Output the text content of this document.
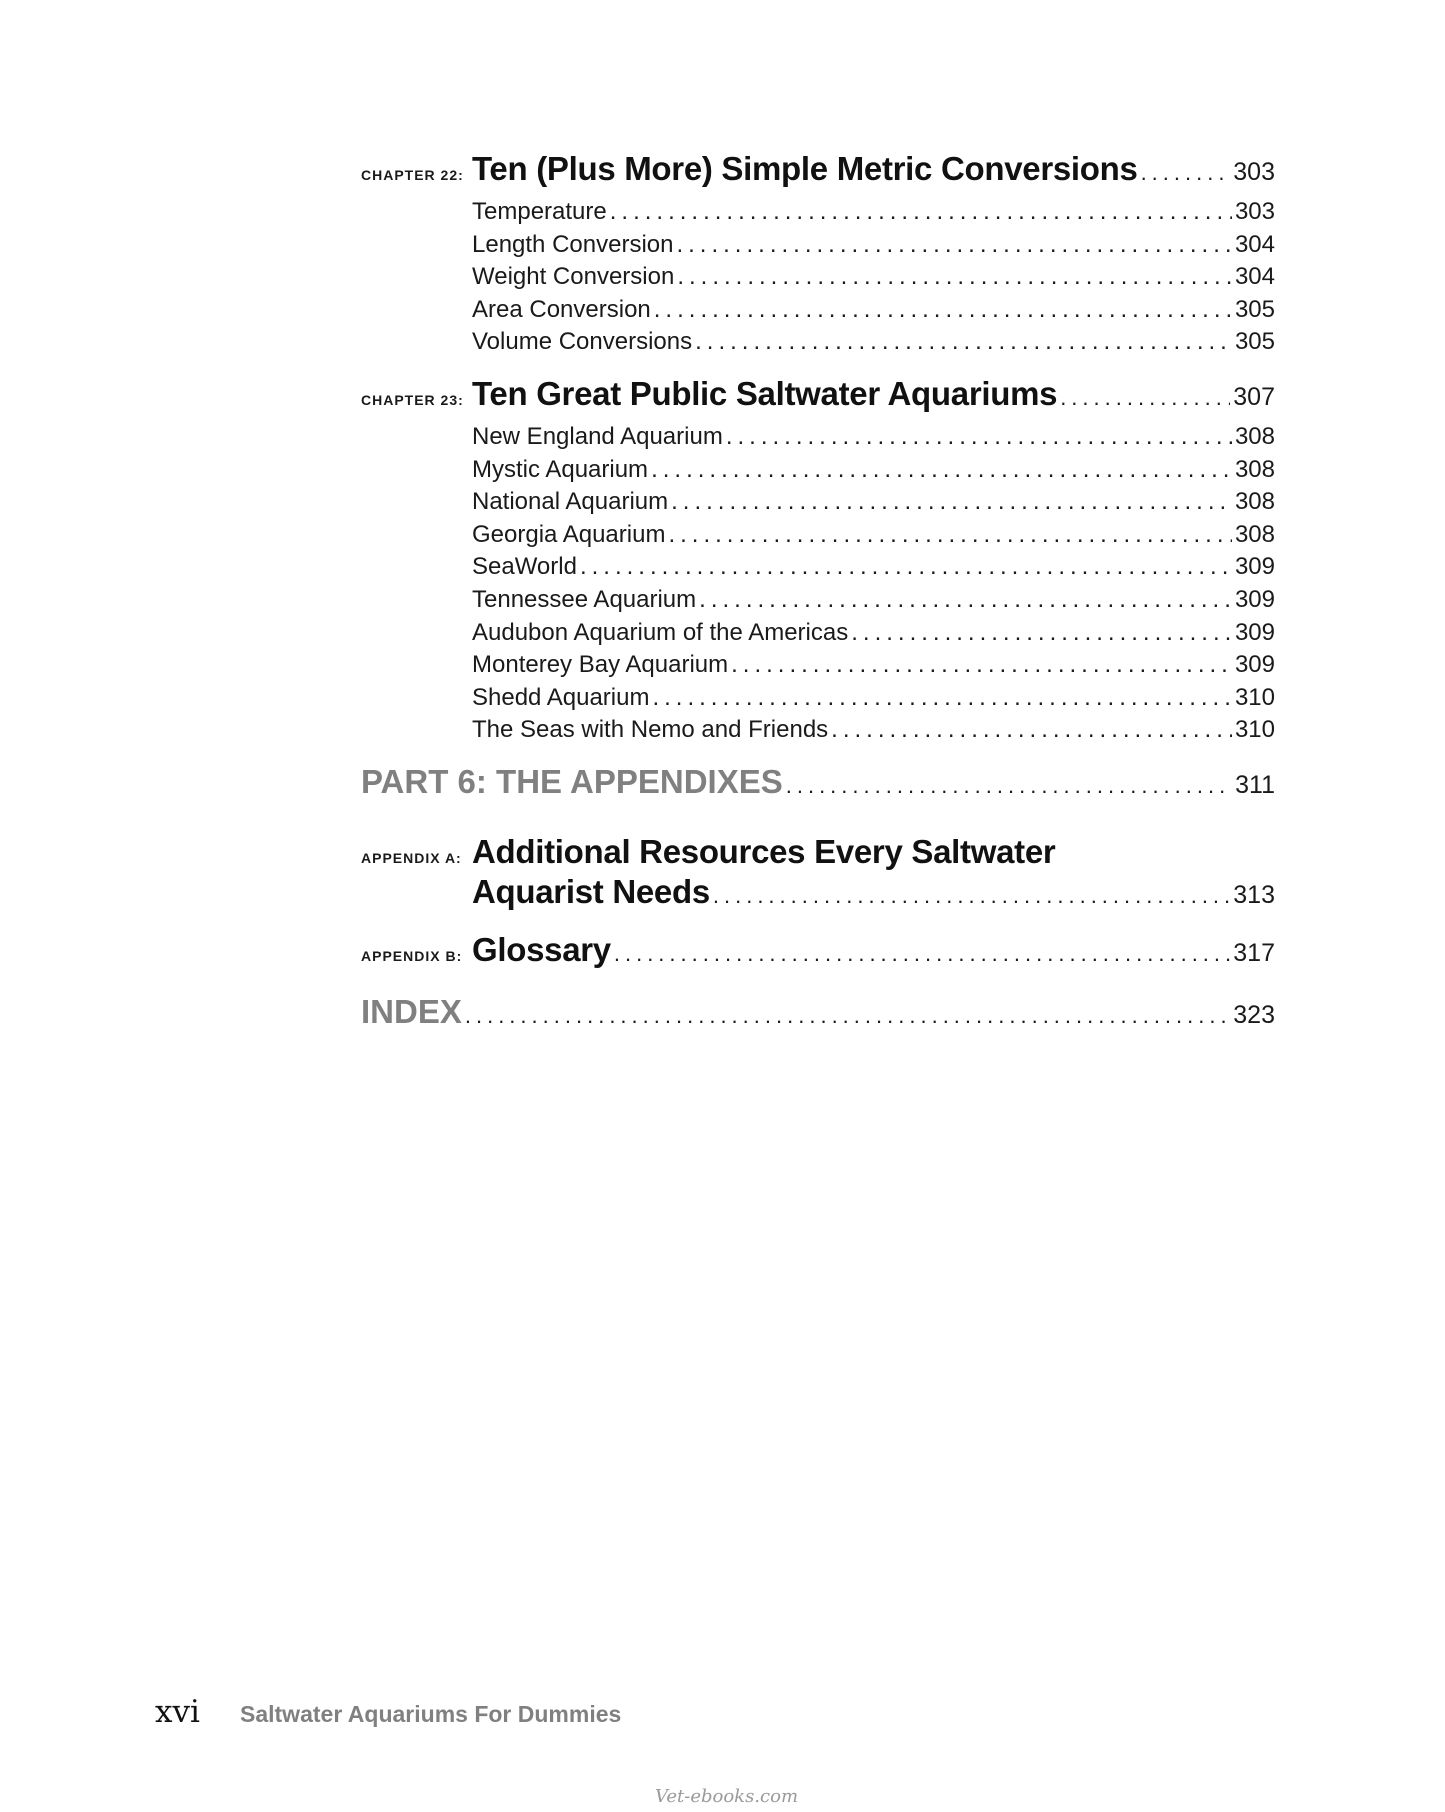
CHAPTER 22: Ten (Plus More) Simple Metric Conversions .....	303
Temperature .....	303
Length Conversion .....	304
Weight Conversion .....	304
Area Conversion .....	305
Volume Conversions .....	305
CHAPTER 23: Ten Great Public Saltwater Aquariums .....	307
New England Aquarium .....	308
Mystic Aquarium .....	308
National Aquarium .....	308
Georgia Aquarium .....	308
SeaWorld .....	309
Tennessee Aquarium .....	309
Audubon Aquarium of the Americas .....	309
Monterey Bay Aquarium .....	309
Shedd Aquarium .....	310
The Seas with Nemo and Friends .....	310
PART 6: THE APPENDIXES .....	311
APPENDIX A: Additional Resources Every Saltwater
Aquarist Needs .....	313
APPENDIX B: Glossary .....	317
INDEX .....	323
xvi	Saltwater Aquariums For Dummies
Vet-ebooks.com
